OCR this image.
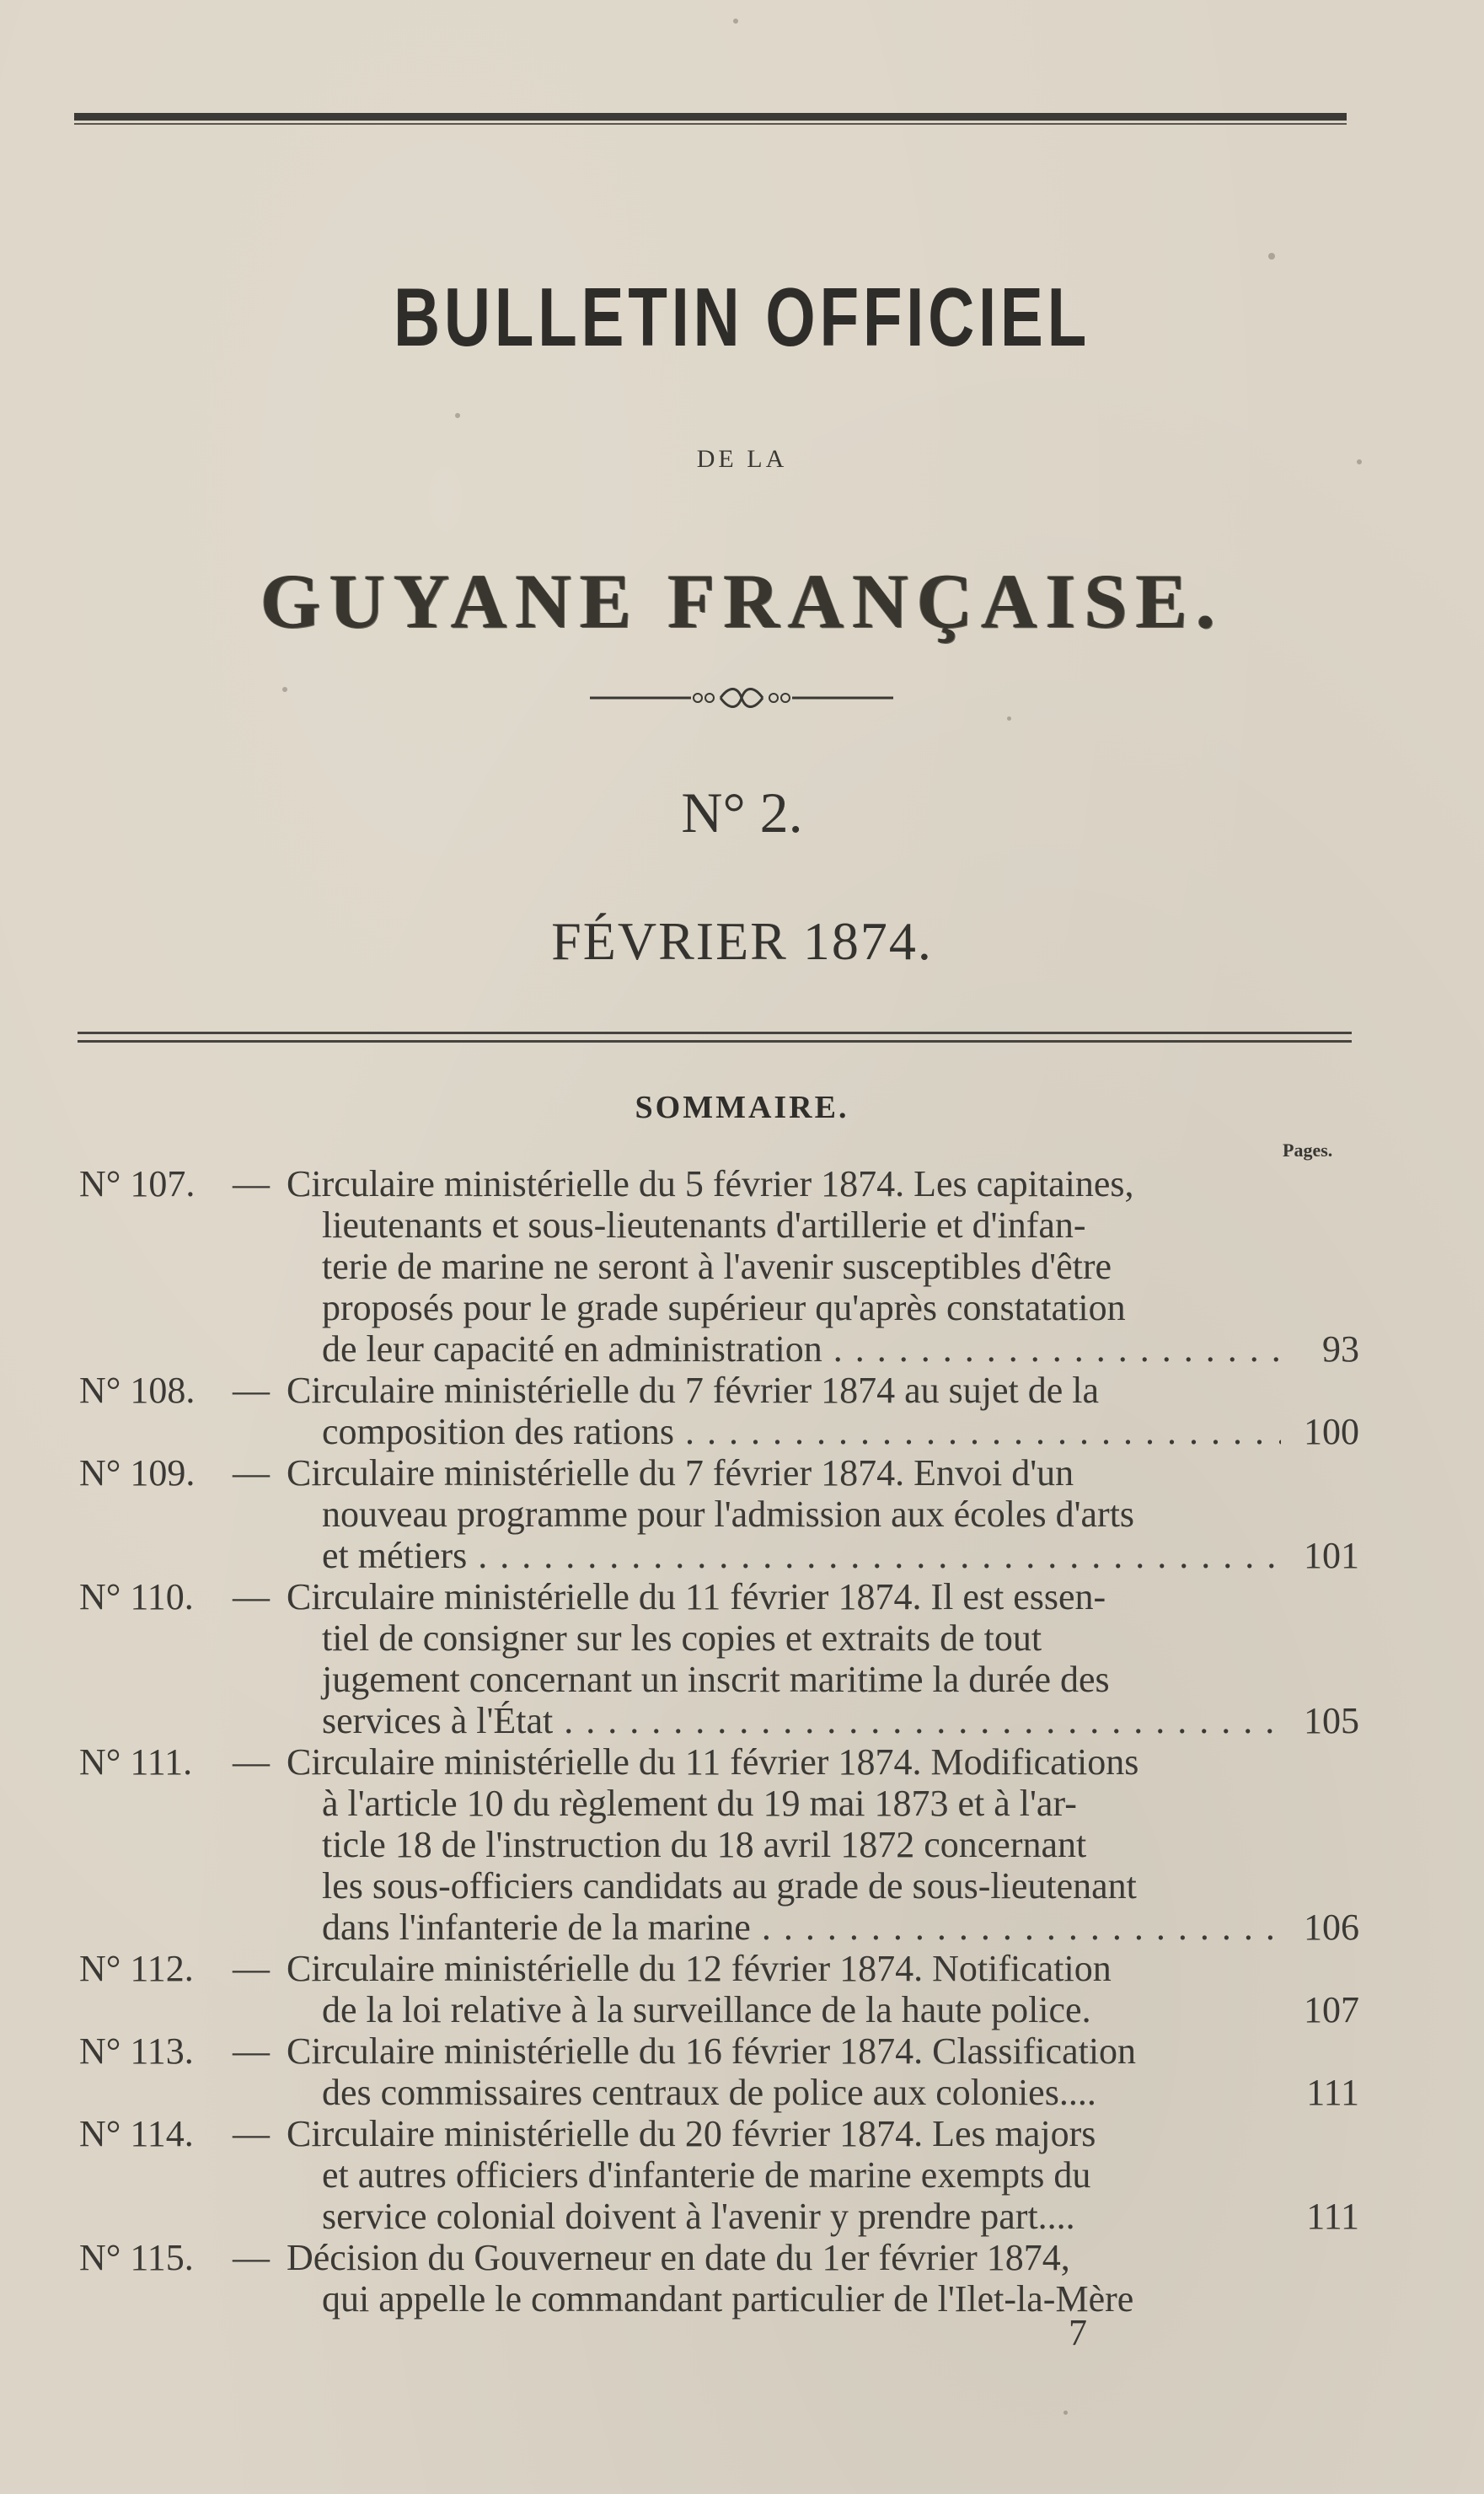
BULLETIN OFFICIEL
DE LA
GUYANE FRANÇAISE.
N° 2.
FÉVRIER 1874.
SOMMAIRE.
Pages.
N° 107. — Circulaire ministérielle du 5 février 1874. Les capitaines,
lieutenants et sous-lieutenants d'artillerie et d'infan-
terie de marine ne seront à l'avenir susceptibles d'être
proposés pour le grade supérieur qu'après constatation
de leur capacité en administration . . .	93
N° 108. — Circulaire ministérielle du 7 février 1874 au sujet de la
composition des rations . . .	100
N° 109. — Circulaire ministérielle du 7 février 1874. Envoi d'un
nouveau programme pour l'admission aux écoles d'arts
et métiers . . .	101
N° 110. — Circulaire ministérielle du 11 février 1874. Il est essen-
tiel de consigner sur les copies et extraits de tout
jugement concernant un inscrit maritime la durée des
services à l'État . . .	105
N° 111. — Circulaire ministérielle du 11 février 1874. Modifications
à l'article 10 du règlement du 19 mai 1873 et à l'ar-
ticle 18 de l'instruction du 18 avril 1872 concernant
les sous-officiers candidats au grade de sous-lieutenant
dans l'infanterie de la marine . . .	106
N° 112. — Circulaire ministérielle du 12 février 1874. Notification
de la loi relative à la surveillance de la haute police.	107
N° 113. — Circulaire ministérielle du 16 février 1874. Classification
des commissaires centraux de police aux colonies....	111
N° 114. — Circulaire ministérielle du 20 février 1874. Les majors
et autres officiers d'infanterie de marine exempts du
service colonial doivent à l'avenir y prendre part....	111
N° 115. — Décision du Gouverneur en date du 1er février 1874,
qui appelle le commandant particulier de l'Ilet-la-Mère
7
